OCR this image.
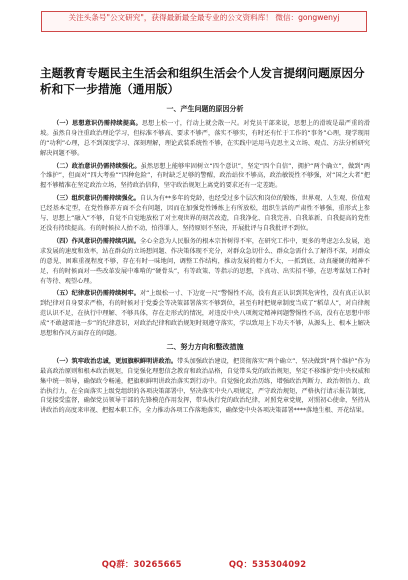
关注头条号"公文研究"，获得最新最全最专业的公文资料库！ 微信：gongwenyj
主题教育专题民主生活会和组织生活会个人发言提纲问题原因分析和下一步措施（通用版）
一、产生问题的原因分析

（一）思想意识仍需持续提高。思想上松一寸，行动上就会散一尺。对党员干部来说，思想上的滑坡是最严重的滑坡。虽然自身注重政治理论学习，但标准不够高、要求不够严，落实不够实，有时还有忙于工作的“事务”心理，现学现用的“功利”心理，总不到深度学习、深刻理解，理论武装系统性不够，在实践中运用马克思主义立场、观点、方法分析研究解决问题不够。

（二）政治意识仍需持续强化。虽然思想上能够牢固树立“四个意识”，坚定“四个自信”，拥护“两个确立”，做到“两个维护”，但面对“四大考验”“四种危险”，有时缺乏足够的警醒，政治站位不够高，政治敏锐性不够强，对“国之大者”把握不够精准在坚定政治立场，坚持政治信仰，坚守政治规矩上离党的要求还有一定差距。

（三）组织意识仍需持续强化。自认为有**多年的党龄，也经受过多个层次和岗位的锻炼，世界观、人生观、价值观已经基本定型，在党性修养方面不会有问题，因而在加强党性锤炼上有所放松，组织生活的严肃性不够强，重形式上参与、思想上“融入”不够，自觉不自觉地放松了对主观世界的刻苦改造，自我净化、自我完善、自我革新、自我提高的党性还没有持续提高。有的时候拉人抬不动，怕得罪人，坚持原则不坚决，开展批评与自我批评不到位。

（四）作风意识仍需持续巩固。全心全意为人民服务的根本宗旨树得不牢，在研究工作中，更多的考虑怎么发展，追求发展的速度和效率，站在群众的立场想问题、作决策体现不充分，对群众急切什么、群众急需什么了解得不深，对群众的意见、困难重视程度不够，存在有时一味地问，调整工作结构，推动发展的精力不大，一抓到底、动真碰硬的精神不足，有的时候面对一些改革发展中难啃的“硬骨头”，有等政策、等指示的思想，下真功、出实招不够，在思考谋划工作时有等待、观望心理。

（五）纪律意识仍需持续树牢。对“上级松一寸、下边宽一尺”警惕性不高，没有真正认识到其危害性，没有真正认识到纪律对自身要求严格，有的时候对于党委会等决策部署落实不够到位，甚至有时把规章制度当成了“稻草人”，对自律规范认识不足，在执行中理解、不够具体，存在走形式的情况，对违反中央八项规定精神问题警惕性不高，没有在思想中形成“不敢越雷池一步”的纪律意识，对政治纪律和政治规矩时刻遵守落实，学以致用上下功夫不够，从源头上、根本上解决思想和作风方面存在的问题。

二、努力方向和整改措施

（一）筑牢政治忠诚，更加旗帜鲜明讲政治。带头加强政治建设，把贯彻落实“两个确立”、坚决做到“两个维护”作为最高政治原则和根本政治规矩，自觉强化理想信念教育和政治品格，自觉带头党的政治规矩，坚定不移维护党中央权威和集中统一领导，确保政令畅通，把旗帜鲜明讲政治落实到行动中。自觉强化政治历练，增强政治判断力、政治领悟力、政治执行力，在全面落实上级党组织的各项决策部署中，坚决落实中央八项规定，严守政治规矩，严格执行请示报告制度，自觉接受监督，确保党员领导干部的先锋模范作用发挥，带头执行党的政治纪律，对照党章党规，对照初心使命，坚持从讲政治的高度来审视、把握本职工作，全力推动各项工作落地落实，确保党中央各项决策部署****落地生根、开花结果。

QQ群：30265665	QQ：535304092
